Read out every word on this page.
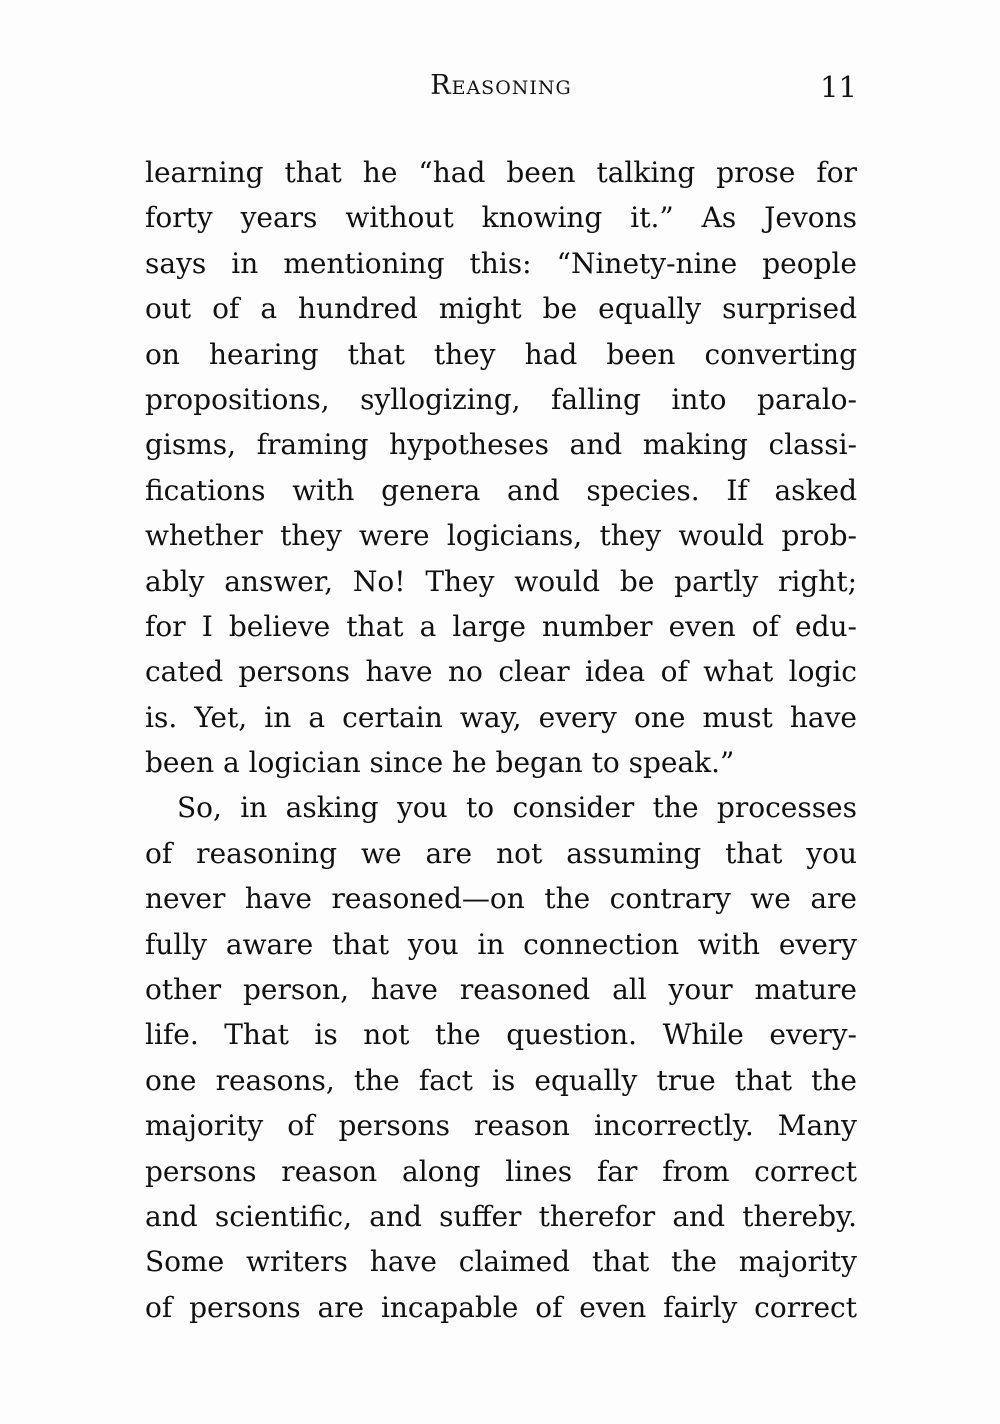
Reasoning	11
learning that he “had been talking prose for
forty years without knowing it.” As Jevons
says in mentioning this: “Ninety-nine people
out of a hundred might be equally surprised
on hearing that they had been converting
propositions, syllogizing, falling into paralo-
gisms, framing hypotheses and making classi-
fications with genera and species. If asked
whether they were logicians, they would prob-
ably answer, No! They would be partly right;
for I believe that a large number even of edu-
cated persons have no clear idea of what logic
is. Yet, in a certain way, every one must have
been a logician since he began to speak.”
So, in asking you to consider the processes
of reasoning we are not assuming that you
never have reasoned—on the contrary we are
fully aware that you in connection with every
other person, have reasoned all your mature
life. That is not the question. While every-
one reasons, the fact is equally true that the
majority of persons reason incorrectly. Many
persons reason along lines far from correct
and scientific, and suffer therefor and thereby.
Some writers have claimed that the majority
of persons are incapable of even fairly correct
